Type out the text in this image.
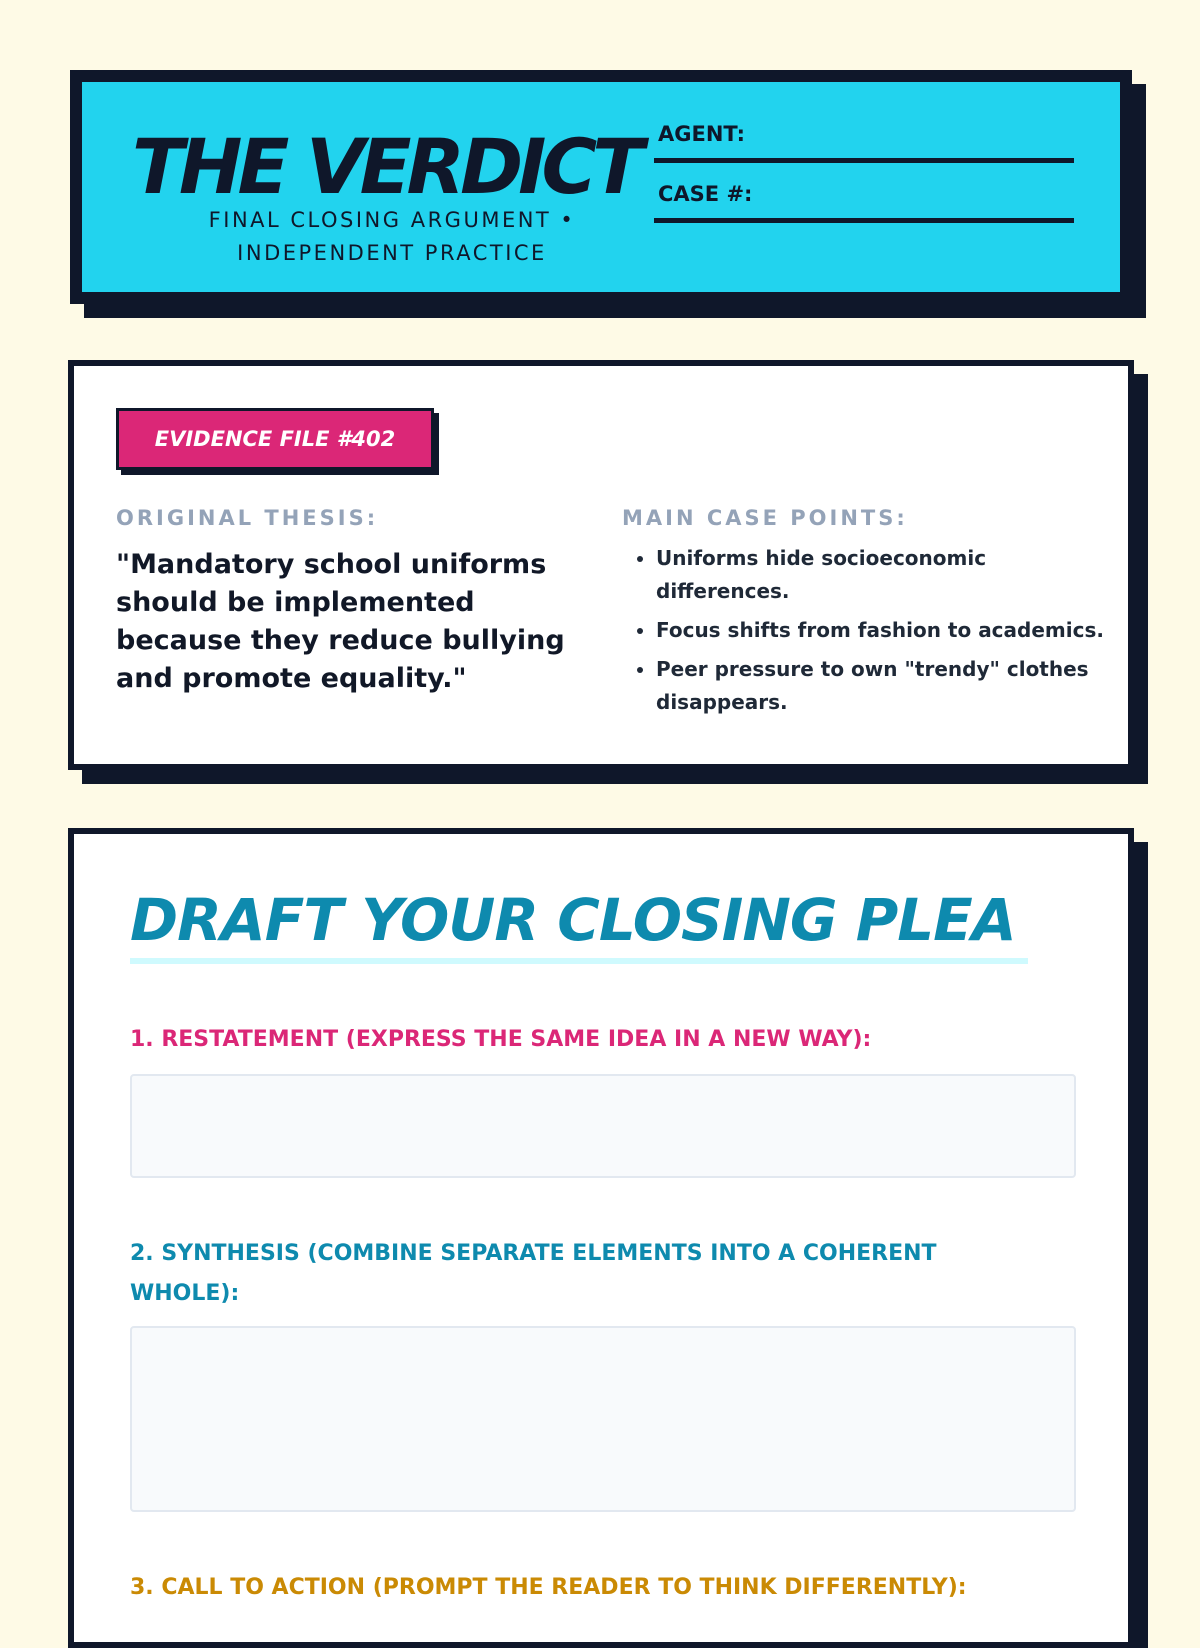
THE VERDICT
FINAL CLOSING ARGUMENT • INDEPENDENT PRACTICE
AGENT:
CASE #:
EVIDENCE FILE #402
ORIGINAL THESIS:

"Mandatory school uniforms should be implemented because they reduce bullying and promote equality."

MAIN CASE POINTS:
• Uniforms hide socioeconomic differences.
• Focus shifts from fashion to academics.
• Peer pressure to own "trendy" clothes disappears.
DRAFT YOUR CLOSING PLEA
1. RESTATEMENT (EXPRESS THE SAME IDEA IN A NEW WAY):
2. SYNTHESIS (COMBINE SEPARATE ELEMENTS INTO A COHERENT WHOLE):
3. CALL TO ACTION (PROMPT THE READER TO THINK DIFFERENTLY):
